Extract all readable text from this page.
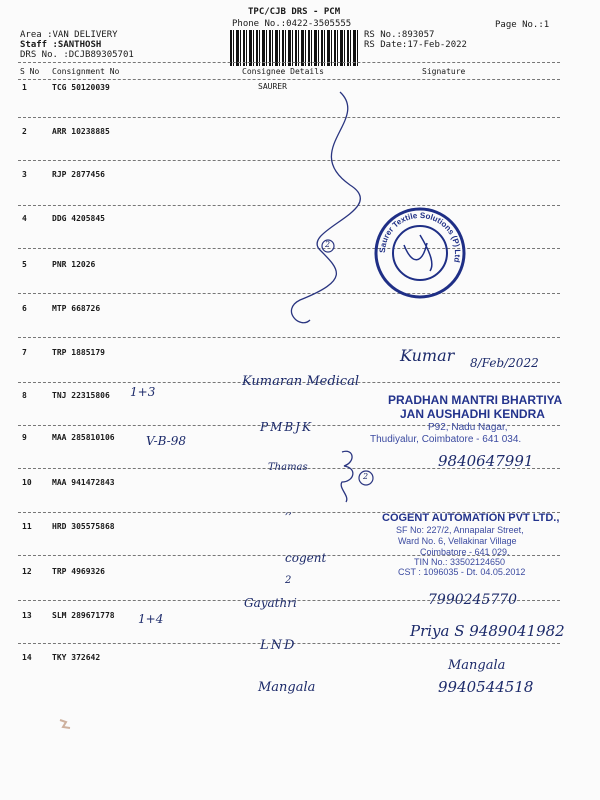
TPC/CJB DRS - PCM
Phone No.:0422-3505555
Area :VAN DELIVERY
Staff :SANTHOSH
DRS No. :DCJB89305701
RS No.:893057
RS Date:17-Feb-2022
Page No.:1
S No Consignment No	Consignee Details	Signature
1	TCG 50120039	SAURER
2	ARR 10238885
3	RJP 2877456
4	DDG 4205845
5	PNR 12026
6	MTP 668726
7	TRP 1885179
8	TNJ 22315806
9	MAA 285810106
10	MAA 941472843
11	HRD 305575868
12	TRP 4969326
13	SLM 289671778
14	TKY 372642
2
Saurer Textile Solutions (P) Ltd
1+3
Kumaran Medical
Kumar 8/Feb/2022
PRADHAN MANTRI BHARTIYA
JAN AUSHADHI KENDRA
P92, Nadu Nagar,
Thudiyalur, Coimbatore - 641 034.
V-B-98
PMBJK
9840647991
Thamas
2
,,
COGENT AUTOMATION PVT LTD.,
SF No: 227/2, Annapalar Street,
Ward No. 6, Vellakinar Village
Coimbatore - 641 029.
TIN No.: 33502124650
CST : 1096035 - Dt. 04.05.2012
cogent
2
7990245770
1+4
Gayathri
Priya S 9489041982
LND
Mangala
9940544518
Mangala
